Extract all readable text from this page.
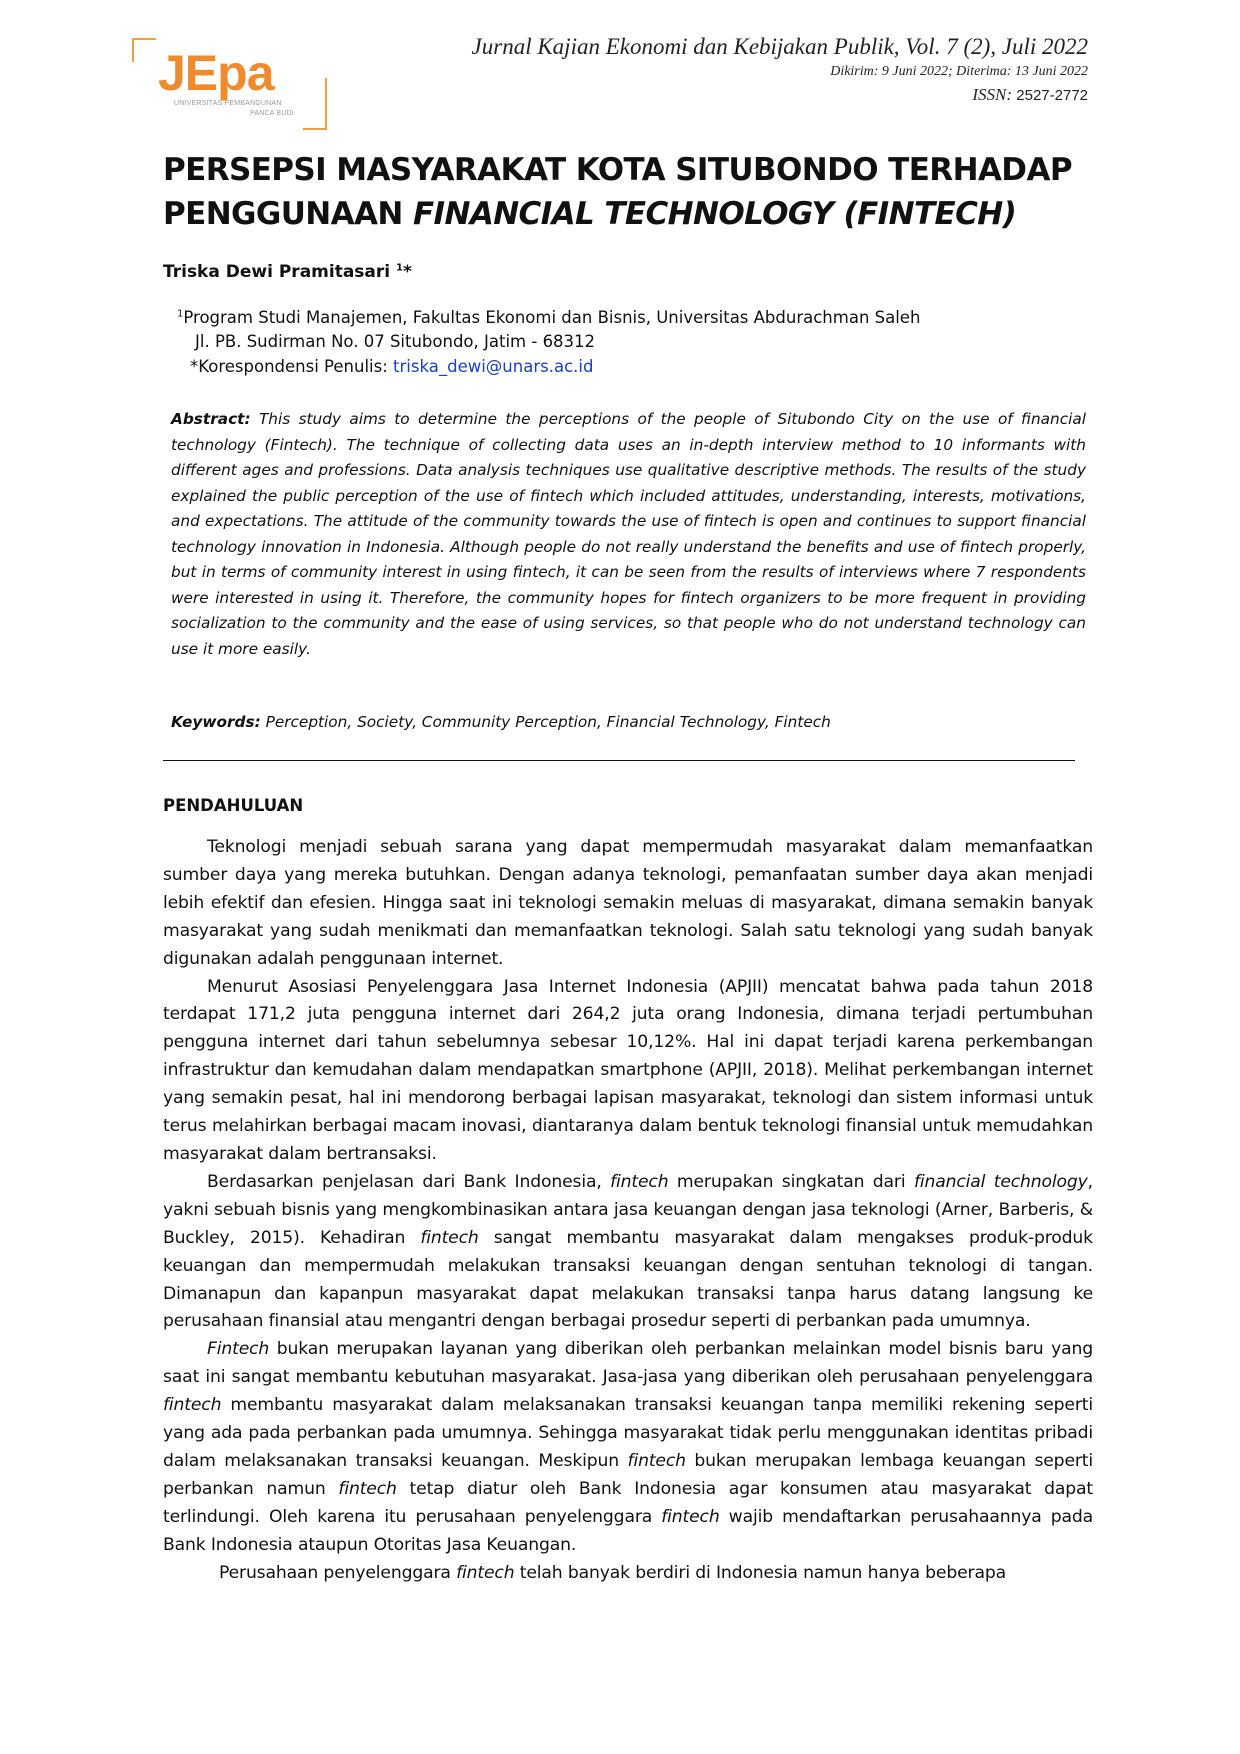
JEpa
UNIVERSITAS PEMBANGUNAN
PANCA BUDI
Jurnal Kajian Ekonomi dan Kebijakan Publik, Vol. 7 (2), Juli 2022
Dikirim: 9 Juni 2022; Diterima: 13 Juni 2022
ISSN: 2527-2772
PERSEPSI MASYARAKAT KOTA SITUBONDO TERHADAP
PENGGUNAAN FINANCIAL TECHNOLOGY (FINTECH)
Triska Dewi Pramitasari $^1$*
$^1$Program Studi Manajemen, Fakultas Ekonomi dan Bisnis, Universitas Abdurachman Saleh
Jl. PB. Sudirman No. 07 Situbondo, Jatim - 68312
*Korespondensi Penulis: triska_dewi@unars.ac.id
Abstract: This study aims to determine the perceptions of the people of Situbondo City on the use of financial technology (Fintech). The technique of collecting data uses an in-depth interview method to 10 informants with different ages and professions. Data analysis techniques use qualitative descriptive methods. The results of the study explained the public perception of the use of fintech which included attitudes, understanding, interests, motivations, and expectations. The attitude of the community towards the use of fintech is open and continues to support financial technology innovation in Indonesia. Although people do not really understand the benefits and use of fintech properly, but in terms of community interest in using fintech, it can be seen from the results of interviews where 7 respondents were interested in using it. Therefore, the community hopes for fintech organizers to be more frequent in providing socialization to the community and the ease of using services, so that people who do not understand technology can use it more easily.
Keywords: Perception, Society, Community Perception, Financial Technology, Fintech
PENDAHULUAN

Teknologi menjadi sebuah sarana yang dapat mempermudah masyarakat dalam memanfaatkan sumber daya yang mereka butuhkan. Dengan adanya teknologi, pemanfaatan sumber daya akan menjadi lebih efektif dan efesien. Hingga saat ini teknologi semakin meluas di masyarakat, dimana semakin banyak masyarakat yang sudah menikmati dan memanfaatkan teknologi. Salah satu teknologi yang sudah banyak digunakan adalah penggunaan internet.

Menurut Asosiasi Penyelenggara Jasa Internet Indonesia (APJII) mencatat bahwa pada tahun 2018 terdapat 171,2 juta pengguna internet dari 264,2 juta orang Indonesia, dimana terjadi pertumbuhan pengguna internet dari tahun sebelumnya sebesar 10,12%. Hal ini dapat terjadi karena perkembangan infrastruktur dan kemudahan dalam mendapatkan smartphone (APJII, 2018). Melihat perkembangan internet yang semakin pesat, hal ini mendorong berbagai lapisan masyarakat, teknologi dan sistem informasi untuk terus melahirkan berbagai macam inovasi, diantaranya dalam bentuk teknologi finansial untuk memudahkan masyarakat dalam bertransaksi.

Berdasarkan penjelasan dari Bank Indonesia, fintech merupakan singkatan dari financial technology, yakni sebuah bisnis yang mengkombinasikan antara jasa keuangan dengan jasa teknologi (Arner, Barberis, & Buckley, 2015). Kehadiran fintech sangat membantu masyarakat dalam mengakses produk-produk keuangan dan mempermudah melakukan transaksi keuangan dengan sentuhan teknologi di tangan. Dimanapun dan kapanpun masyarakat dapat melakukan transaksi tanpa harus datang langsung ke perusahaan finansial atau mengantri dengan berbagai prosedur seperti di perbankan pada umumnya.

Fintech bukan merupakan layanan yang diberikan oleh perbankan melainkan model bisnis baru yang saat ini sangat membantu kebutuhan masyarakat. Jasa-jasa yang diberikan oleh perusahaan penyelenggara fintech membantu masyarakat dalam melaksanakan transaksi keuangan tanpa memiliki rekening seperti yang ada pada perbankan pada umumnya. Sehingga masyarakat tidak perlu menggunakan identitas pribadi dalam melaksanakan transaksi keuangan. Meskipun fintech bukan merupakan lembaga keuangan seperti perbankan namun fintech tetap diatur oleh Bank Indonesia agar konsumen atau masyarakat dapat terlindungi. Oleh karena itu perusahaan penyelenggara fintech wajib mendaftarkan perusahaannya pada Bank Indonesia ataupun Otoritas Jasa Keuangan.

Perusahaan penyelenggara fintech telah banyak berdiri di Indonesia namun hanya beberapa
